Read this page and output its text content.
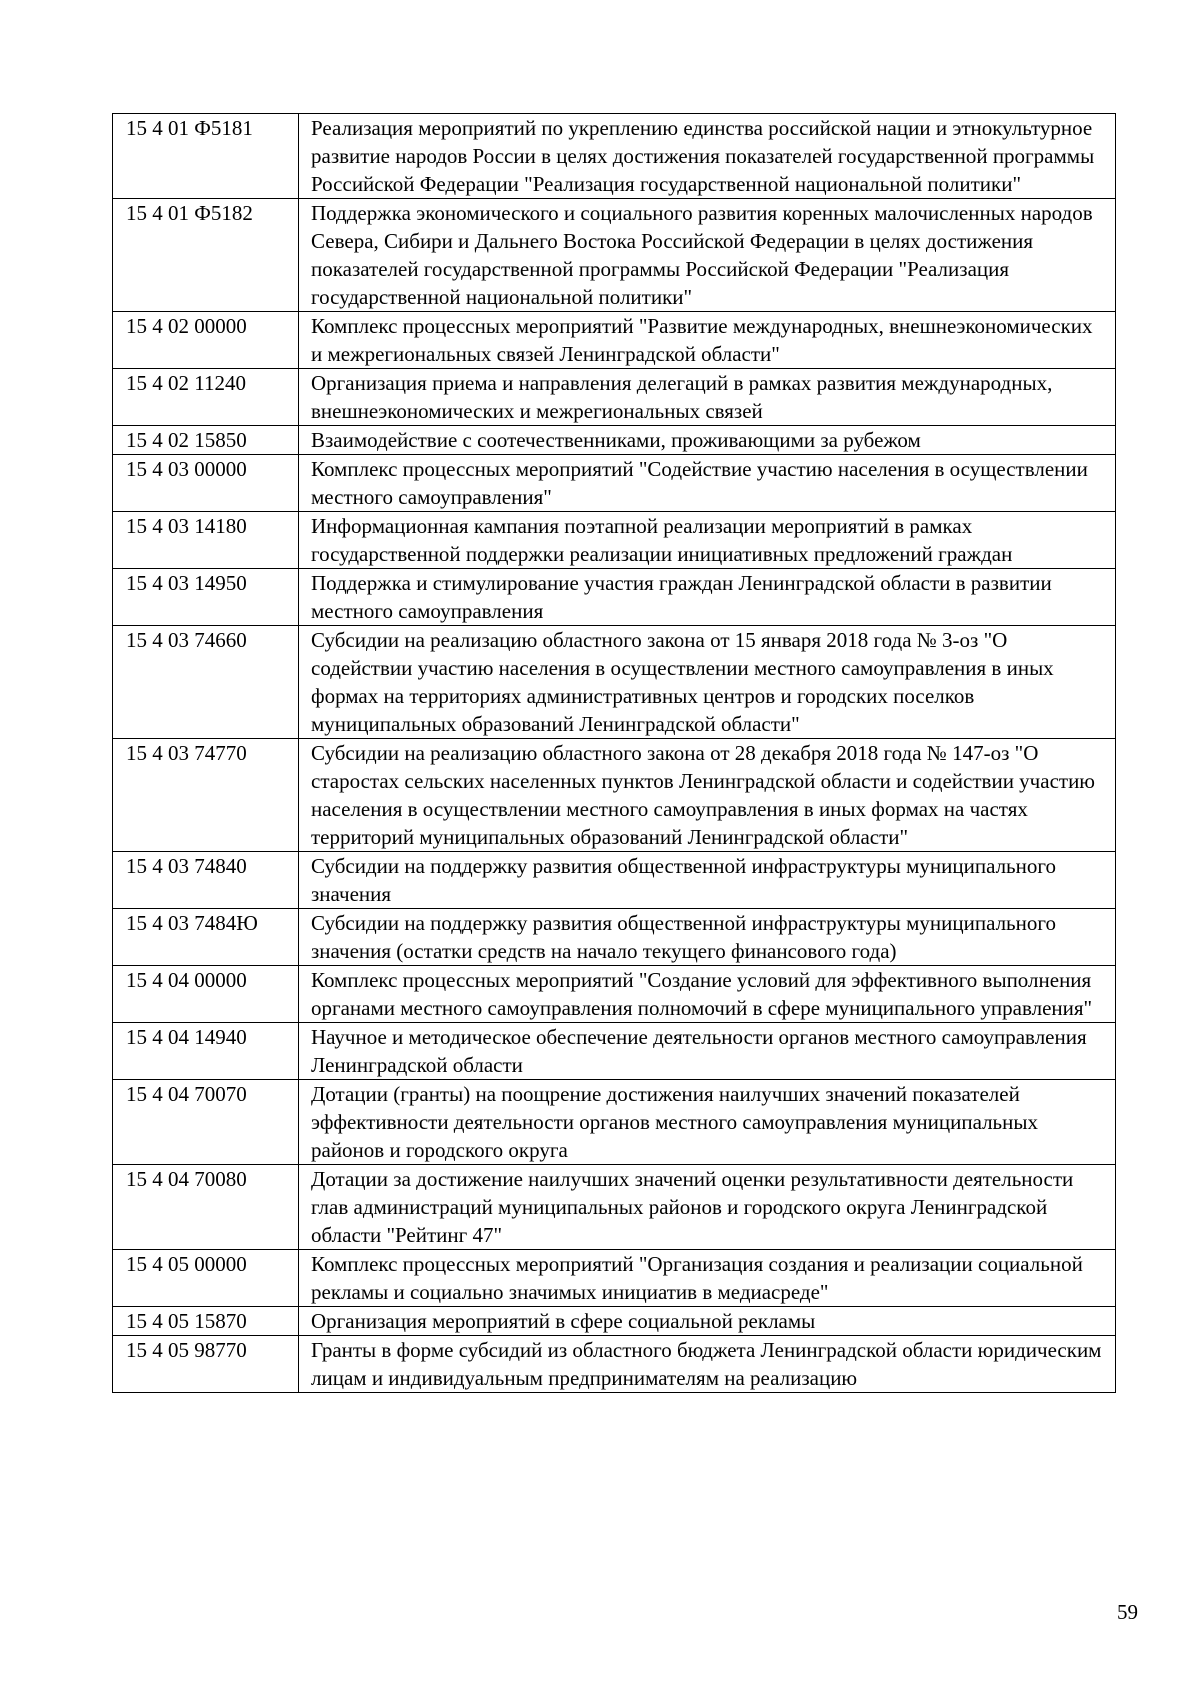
15 4 01 Ф5181	Реализация мероприятий по укреплению единства российской нации и этнокультурное развитие народов России в целях достижения показателей государственной программы Российской Федерации "Реализация государственной национальной политики"
15 4 01 Ф5182	Поддержка экономического и социального развития коренных малочисленных народов Севера, Сибири и Дальнего Востока Российской Федерации в целях достижения показателей государственной программы Российской Федерации "Реализация государственной национальной политики"
15 4 02 00000	Комплекс процессных мероприятий "Развитие международных, внешнеэкономических и межрегиональных связей Ленинградской области"
15 4 02 11240	Организация приема и направления делегаций в рамках развития международных, внешнеэкономических и межрегиональных связей
15 4 02 15850	Взаимодействие с соотечественниками, проживающими за рубежом
15 4 03 00000	Комплекс процессных мероприятий "Содействие участию населения в осуществлении местного самоуправления"
15 4 03 14180	Информационная кампания поэтапной реализации мероприятий в рамках государственной поддержки реализации инициативных предложений граждан
15 4 03 14950	Поддержка и стимулирование участия граждан Ленинградской области в развитии местного самоуправления
15 4 03 74660	Субсидии на реализацию областного закона от 15 января 2018 года № 3-оз "О содействии участию населения в осуществлении местного самоуправления в иных формах на территориях административных центров и городских поселков муниципальных образований Ленинградской области"
15 4 03 74770	Субсидии на реализацию областного закона от 28 декабря 2018 года № 147-оз "О старостах сельских населенных пунктов Ленинградской области и содействии участию населения в осуществлении местного самоуправления в иных формах на частях территорий муниципальных образований Ленинградской области"
15 4 03 74840	Субсидии на поддержку развития общественной инфраструктуры муниципального значения
15 4 03 7484Ю	Субсидии на поддержку развития общественной инфраструктуры муниципального значения (остатки средств на начало текущего финансового года)
15 4 04 00000	Комплекс процессных мероприятий "Создание условий для эффективного выполнения органами местного самоуправления полномочий в сфере муниципального управления"
15 4 04 14940	Научное и методическое обеспечение деятельности органов местного самоуправления Ленинградской области
15 4 04 70070	Дотации (гранты) на поощрение достижения наилучших значений показателей эффективности деятельности органов местного самоуправления муниципальных районов и городского округа
15 4 04 70080	Дотации за достижение наилучших значений оценки результативности деятельности глав администраций муниципальных районов и городского округа Ленинградской области "Рейтинг 47"
15 4 05 00000	Комплекс процессных мероприятий "Организация создания и реализации социальной рекламы и социально значимых инициатив в медиасреде"
15 4 05 15870	Организация мероприятий в сфере социальной рекламы
15 4 05 98770	Гранты в форме субсидий из областного бюджета Ленинградской области юридическим лицам и индивидуальным предпринимателям на реализацию
59
